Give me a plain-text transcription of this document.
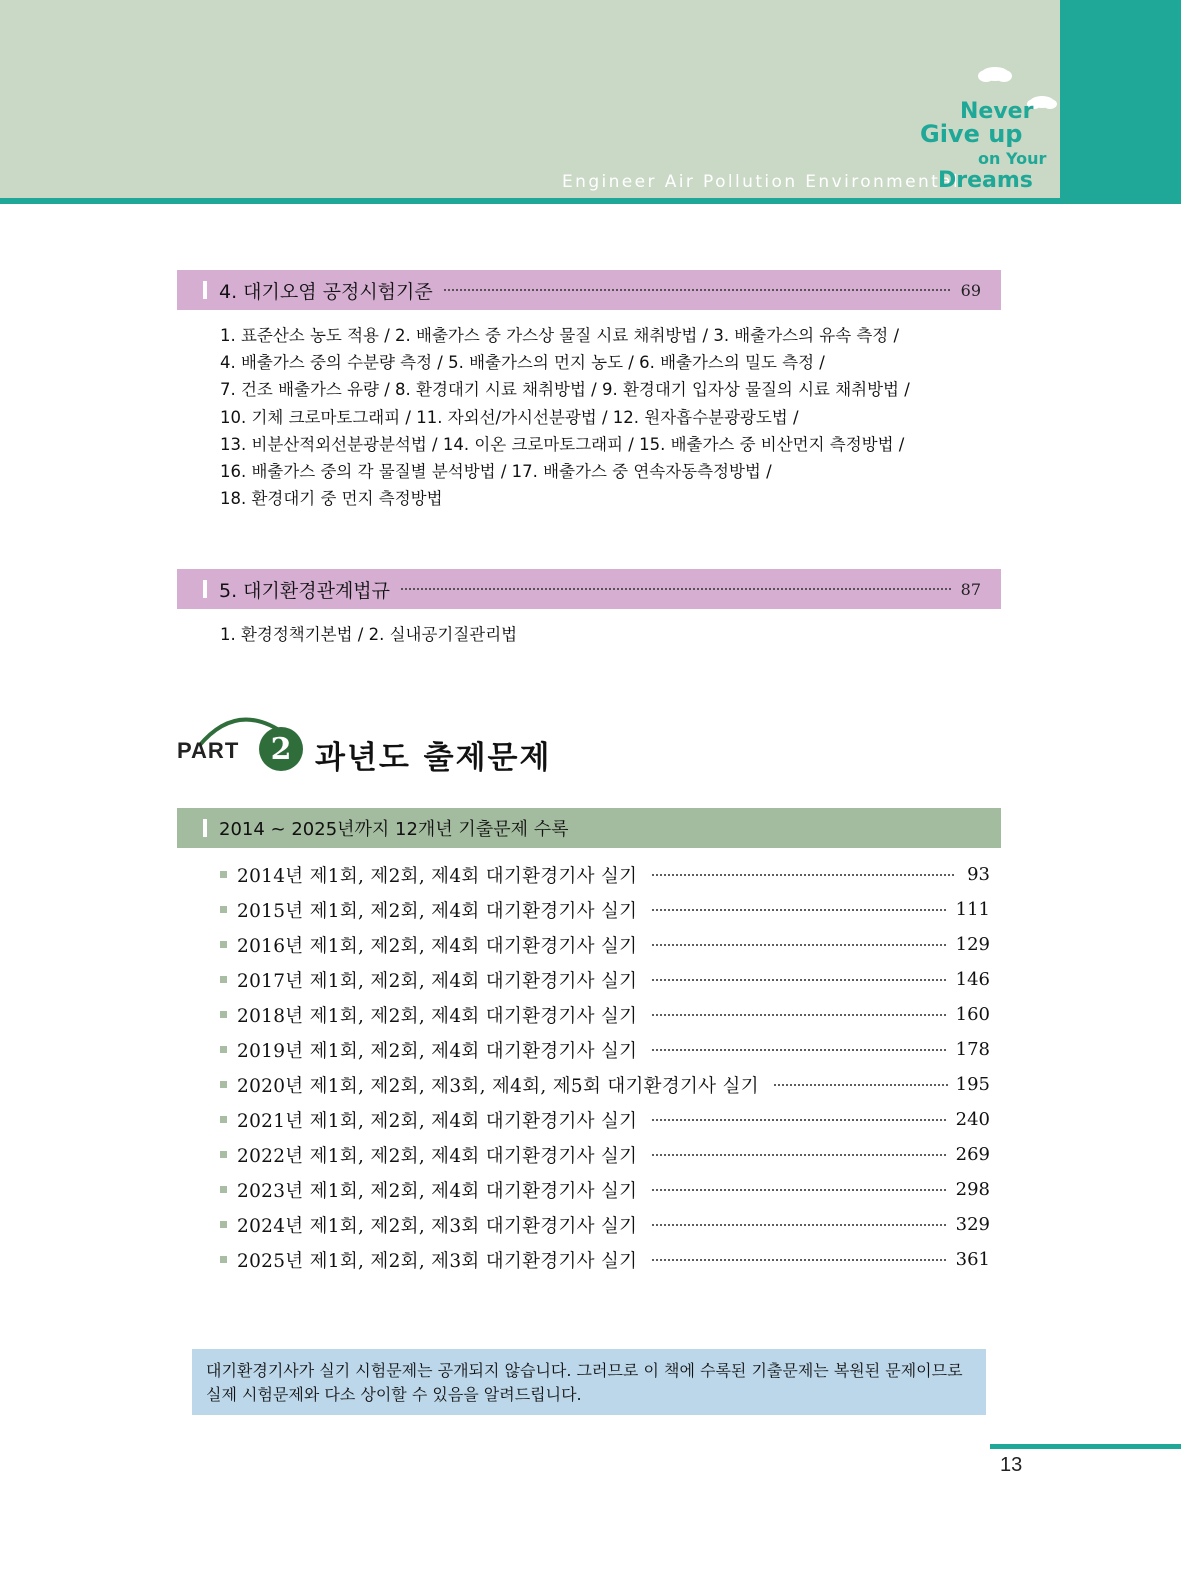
Engineer Air Pollution Environmental
Never
Give up
on Your
Dreams
4. 대기오염 공정시험기준	69
1. 표준산소 농도 적용 / 2. 배출가스 중 가스상 물질 시료 채취방법 / 3. 배출가스의 유속 측정 /
4. 배출가스 중의 수분량 측정 / 5. 배출가스의 먼지 농도 / 6. 배출가스의 밀도 측정 /
7. 건조 배출가스 유량 / 8. 환경대기 시료 채취방법 / 9. 환경대기 입자상 물질의 시료 채취방법 /
10. 기체 크로마토그래피 / 11. 자외선/가시선분광법 / 12. 원자흡수분광광도법 /
13. 비분산적외선분광분석법 / 14. 이온 크로마토그래피 / 15. 배출가스 중 비산먼지 측정방법 /
16. 배출가스 중의 각 물질별 분석방법 / 17. 배출가스 중 연속자동측정방법 /
18. 환경대기 중 먼지 측정방법
5. 대기환경관계법규	87
1. 환경정책기본법 / 2. 실내공기질관리법
PART	2 과년도 출제문제
2014 ~ 2025년까지 12개년 기출문제 수록
2014년 제1회, 제2회, 제4회 대기환경기사 실기	93
2015년 제1회, 제2회, 제4회 대기환경기사 실기	111
2016년 제1회, 제2회, 제4회 대기환경기사 실기	129
2017년 제1회, 제2회, 제4회 대기환경기사 실기	146
2018년 제1회, 제2회, 제4회 대기환경기사 실기	160
2019년 제1회, 제2회, 제4회 대기환경기사 실기	178
2020년 제1회, 제2회, 제3회, 제4회, 제5회 대기환경기사 실기	195
2021년 제1회, 제2회, 제4회 대기환경기사 실기	240
2022년 제1회, 제2회, 제4회 대기환경기사 실기	269
2023년 제1회, 제2회, 제4회 대기환경기사 실기	298
2024년 제1회, 제2회, 제3회 대기환경기사 실기	329
2025년 제1회, 제2회, 제3회 대기환경기사 실기	361
대기환경기사가 실기 시험문제는 공개되지 않습니다. 그러므로 이 책에 수록된 기출문제는 복원된 문제이므로
실제 시험문제와 다소 상이할 수 있음을 알려드립니다.
13
